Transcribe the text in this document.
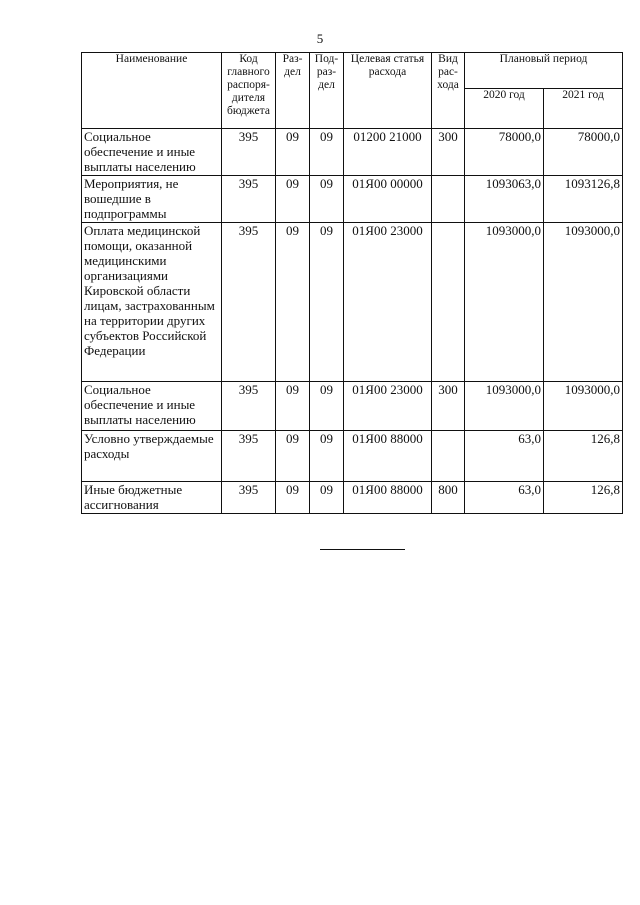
5
Наименование	Код главного распоря-дителя бюджета	Раз-дел	Под-раз-дел	Целевая статья расхода	Вид рас-хода	Плановый период	
						2020 год	2021 год
Социальное обеспечение и иные выплаты населению	395	09	09	01200 21000	300	78000,0	78000,0
Мероприятия, не вошедшие в подпрограммы	395	09	09	01Я00 00000		1093063,0	1093126,8
Оплата медицинской помощи, оказанной медицинскими организациями Кировской области лицам, застрахованным на территории других субъектов Российской Федерации	395	09	09	01Я00 23000		1093000,0	1093000,0
Социальное обеспечение и иные выплаты населению	395	09	09	01Я00 23000	300	1093000,0	1093000,0
Условно утверждаемые расходы	395	09	09	01Я00 88000		63,0	126,8
Иные бюджетные ассигнования	395	09	09	01Я00 88000	800	63,0	126,8
